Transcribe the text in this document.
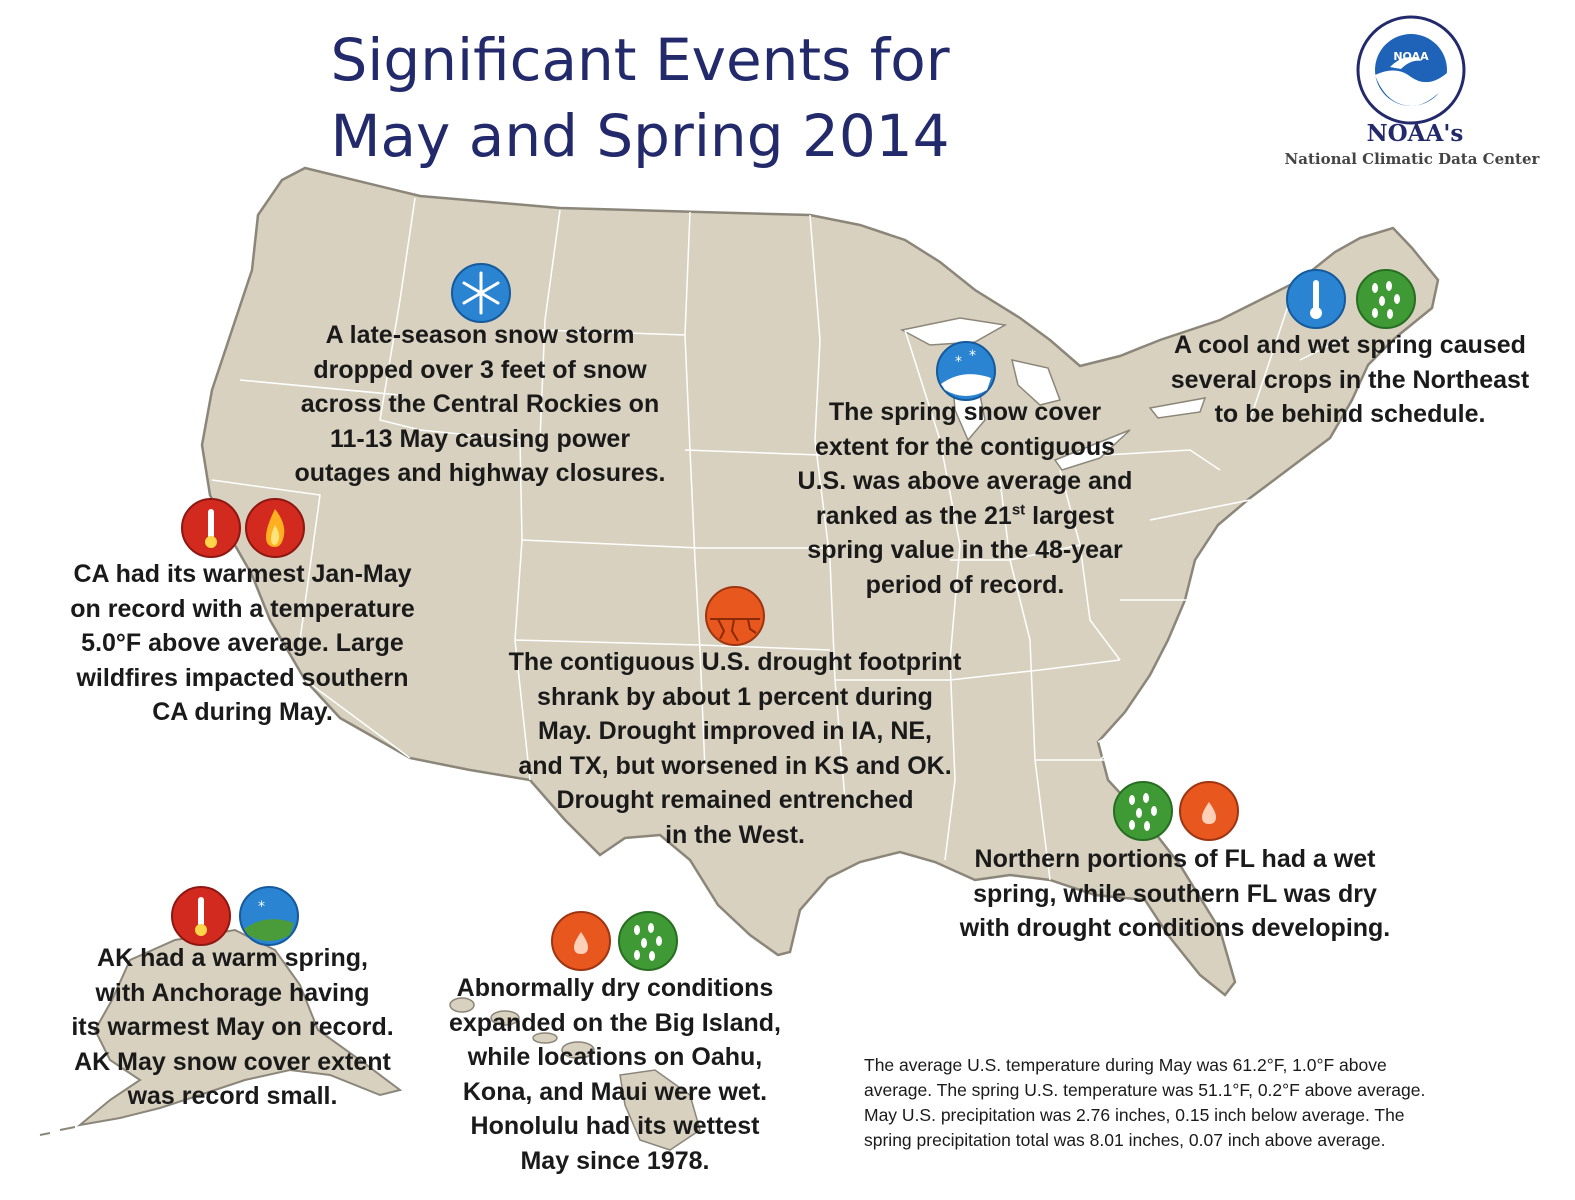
Significant Events for
May and Spring 2014
NOAA
NOAA's
National Climatic Data Center
* *
*
A late-season snow storm
dropped over 3 feet of snow
across the Central Rockies on
11-13 May causing power
outages and highway closures.
The spring snow cover
extent for the contiguous
U.S. was above average and
ranked as the 21st largest
spring value in the 48-year
period of record.
A cool and wet spring caused
several crops in the Northeast
to be behind schedule.
CA had its warmest Jan-May
on record with a temperature
5.0°F above average. Large
wildfires impacted southern
CA during May.
The contiguous U.S. drought footprint
shrank by about 1 percent during
May. Drought improved in IA, NE,
and TX, but worsened in KS and OK.
Drought remained entrenched
in the West.
Northern portions of FL had a wet
spring, while southern FL was dry
with drought conditions developing.
AK had a warm spring,
with Anchorage having
its warmest May on record.
AK May snow cover extent
was record small.
Abnormally dry conditions
expanded on the Big Island,
while locations on Oahu,
Kona, and Maui were wet.
Honolulu had its wettest
May since 1978.
The average U.S. temperature during May was 61.2°F, 1.0°F above
average. The spring U.S. temperature was 51.1°F, 0.2°F above average.
May U.S. precipitation was 2.76 inches, 0.15 inch below average. The
spring precipitation total was 8.01 inches, 0.07 inch above average.
